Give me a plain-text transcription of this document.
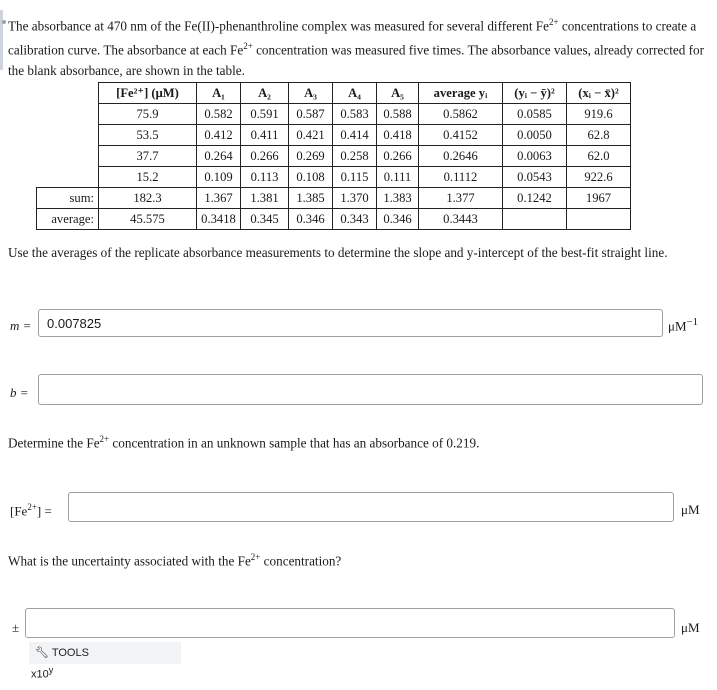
The absorbance at 470 nm of the Fe(II)-phenanthroline complex was measured for several different $Fe^{2+}$ concentrations to create a calibration curve. The absorbance at each $Fe^{2+}$ concentration was measured five times. The absorbance values, already corrected for the blank absorbance, are shown in the table.
	[Fe²⁺] (μM)	A₁	A₂	A₃	A₄	A₅	average yᵢ	(yᵢ − ȳ)²	(xᵢ − x̄)²
	75.9	0.582	0.591	0.587	0.583	0.588	0.5862	0.0585	919.6
	53.5	0.412	0.411	0.421	0.414	0.418	0.4152	0.0050	62.8
	37.7	0.264	0.266	0.269	0.258	0.266	0.2646	0.0063	62.0
	15.2	0.109	0.113	0.108	0.115	0.111	0.1112	0.0543	922.6
sum:	182.3	1.367	1.381	1.385	1.370	1.383	1.377	0.1242	1967
average:	45.575	0.3418	0.345	0.346	0.343	0.346	0.3443		
Use the averages of the replicate absorbance measurements to determine the slope and y-intercept of the best-fit straight line.
m =	0.007825	$\mu M^{-1}$
b =
Determine the $Fe^{2+}$ concentration in an unknown sample that has an absorbance of 0.219.
$[Fe^{2+}]$ =	μM
What is the uncertainty associated with the $Fe^{2+}$ concentration?
±	μM
🔧︎ TOOLS
x10$^y$
